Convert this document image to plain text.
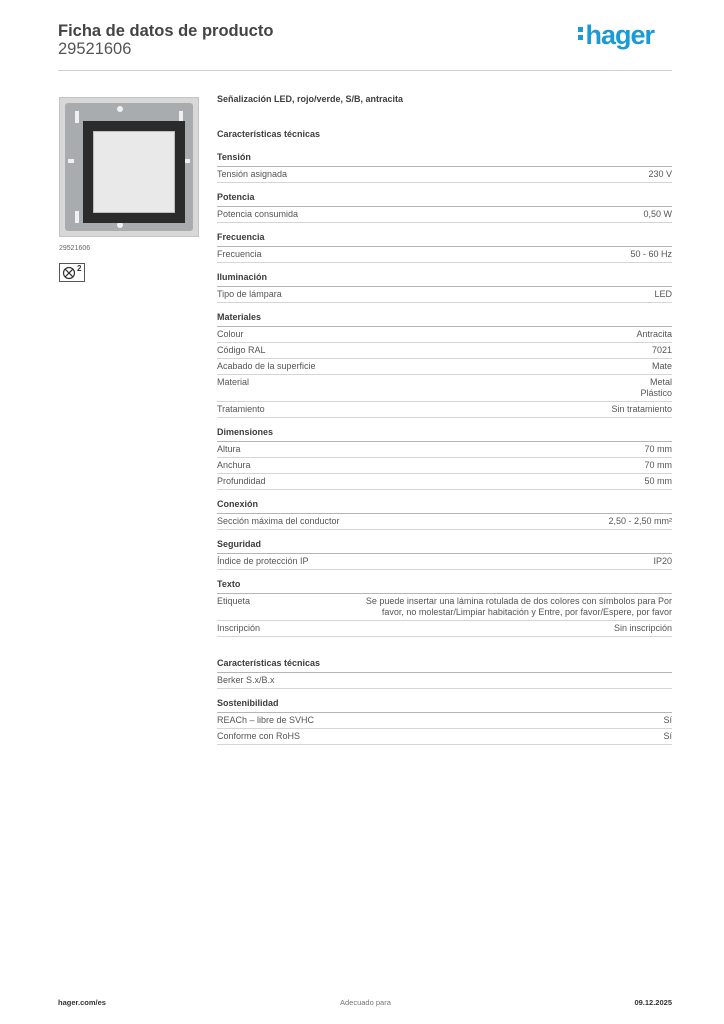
Ficha de datos de producto
29521606	hager
29521606
2
Señalización LED, rojo/verde, S/B, antracita
Características técnicas
Tensión
Tensión asignada	230 V
Potencia
Potencia consumida	0,50 W
Frecuencia
Frecuencia	50 - 60 Hz
Iluminación
Tipo de lámpara	LED
Materiales
Colour	Antracita
Código RAL	7021
Acabado de la superficie	Mate
Material	Metal
Plástico
Tratamiento	Sin tratamiento
Dimensiones
Altura	70 mm
Anchura	70 mm
Profundidad	50 mm
Conexión
Sección máxima del conductor	2,50 - 2,50 mm²
Seguridad
Índice de protección IP	IP20
Texto
Etiqueta	Se puede insertar una lámina rotulada de dos colores con símbolos para Por favor, no molestar/Limpiar habitación y Entre, por favor/Espere, por favor
Inscripción	Sin inscripción
Características técnicas
Berker S.x/B.x
Sostenibilidad
REACh – libre de SVHC	Sí
Conforme con RoHS	Sí
hager.com/es	Adecuado para	09.12.2025
